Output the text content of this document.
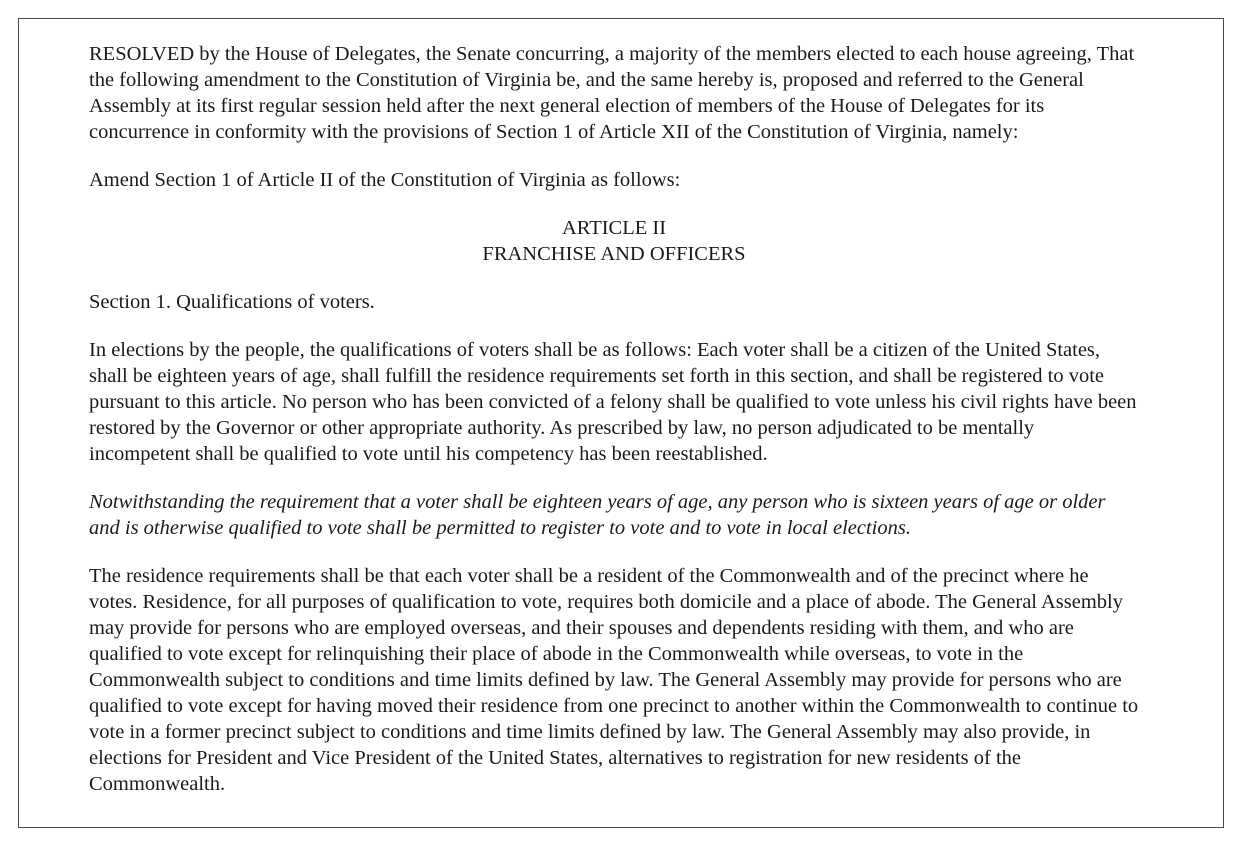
RESOLVED by the House of Delegates, the Senate concurring, a majority of the members elected to each house agreeing, That the following amendment to the Constitution of Virginia be, and the same hereby is, proposed and referred to the General Assembly at its first regular session held after the next general election of members of the House of Delegates for its concurrence in conformity with the provisions of Section 1 of Article XII of the Constitution of Virginia, namely:

Amend Section 1 of Article II of the Constitution of Virginia as follows:

ARTICLE II
FRANCHISE AND OFFICERS

Section 1. Qualifications of voters.

In elections by the people, the qualifications of voters shall be as follows: Each voter shall be a citizen of the United States, shall be eighteen years of age, shall fulfill the residence requirements set forth in this section, and shall be registered to vote pursuant to this article. No person who has been convicted of a felony shall be qualified to vote unless his civil rights have been restored by the Governor or other appropriate authority. As prescribed by law, no person adjudicated to be mentally incompetent shall be qualified to vote until his competency has been reestablished.

Notwithstanding the requirement that a voter shall be eighteen years of age, any person who is sixteen years of age or older and is otherwise qualified to vote shall be permitted to register to vote and to vote in local elections.

The residence requirements shall be that each voter shall be a resident of the Commonwealth and of the precinct where he votes. Residence, for all purposes of qualification to vote, requires both domicile and a place of abode. The General Assembly may provide for persons who are employed overseas, and their spouses and dependents residing with them, and who are qualified to vote except for relinquishing their place of abode in the Commonwealth while overseas, to vote in the Commonwealth subject to conditions and time limits defined by law. The General Assembly may provide for persons who are qualified to vote except for having moved their residence from one precinct to another within the Commonwealth to continue to vote in a former precinct subject to conditions and time limits defined by law. The General Assembly may also provide, in elections for President and Vice President of the United States, alternatives to registration for new residents of the Commonwealth.
